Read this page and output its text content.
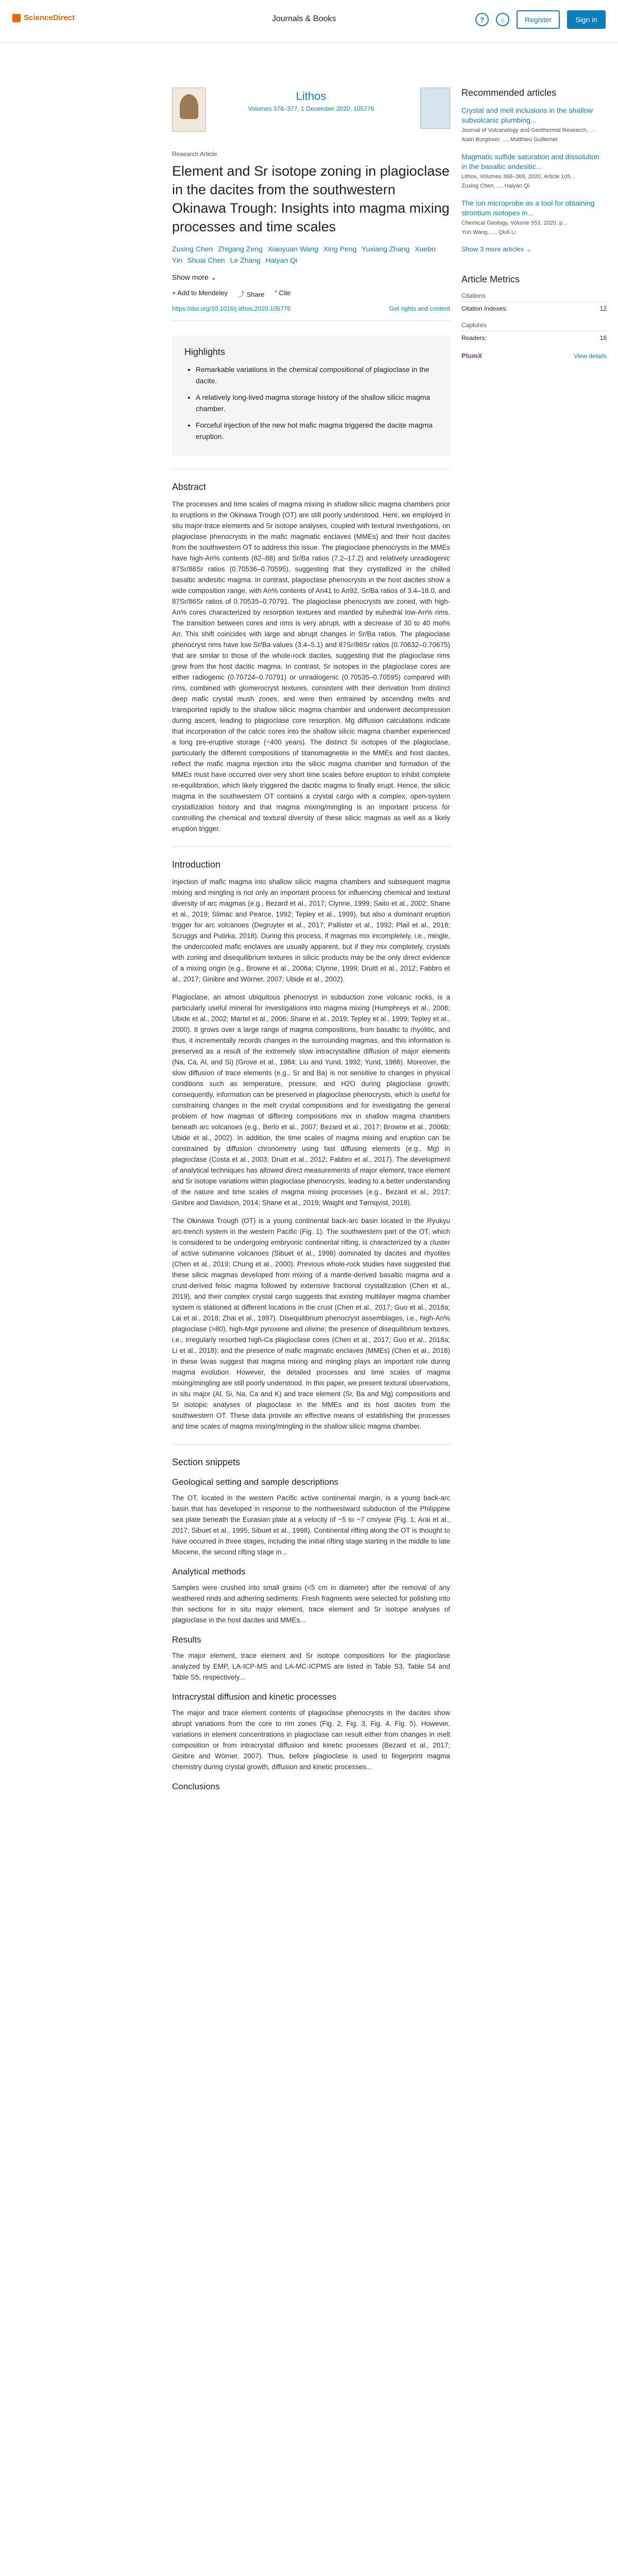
ScienceDirect	Journals & Books	?	⌂	Register	Sign in
Lithos
Volumes 376–377, 1 December 2020, 105776
Research Article
Element and Sr isotope zoning in plagioclase in the dacites from the southwestern Okinawa Trough: Insights into magma mixing processes and time scales
Zuxing Chen Zhigang Zeng Xiaoyuan Wang Xing Peng Yuxiang Zhang Xuebo Yin Shuai Chen Le Zhang Haiyan Qi
Show more ⌄
+ Add to Mendeley ⤴ Share “ Cite
https://doi.org/10.1016/j.lithos.2020.105776	Get rights and content
Highlights
• Remarkable variations in the chemical compositional of plagioclase in the dacite.
• A relatively long-lived magma storage history of the shallow silicic magma chamber.
• Forceful injection of the new hot mafic magma triggered the dacite magma eruption.
Abstract

The processes and time scales of magma mixing in shallow silicic magma chambers prior to eruptions in the Okinawa Trough (OT) are still poorly understood. Here, we employed in situ major-trace elements and Sr isotope analyses, coupled with textural investigations, on plagioclase phenocrysts in the mafic magmatic enclaves (MMEs) and their host dacites from the southwestern OT to address this issue. The plagioclase phenocrysts in the MMEs have high-An% contents (82–88) and Sr/Ba ratios (7.2–17.2) and relatively unradiogenic 87Sr/86Sr ratios (0.70536–0.70595), suggesting that they crystallized in the chilled basaltic andesitic magma. In contrast, plagioclase phenocrysts in the host dacites show a wide composition range, with An% contents of An41 to An92, Sr/Ba ratios of 3.4–18.0, and 87Sr/86Sr ratios of 0.70535–0.70791. The plagioclase phenocrysts are zoned, with high-An% cores characterized by resorption textures and mantled by euhedral low-An% rims. The transition between cores and rims is very abrupt, with a decrease of 30 to 40 mol% An. This shift coincides with large and abrupt changes in Sr/Ba ratios. The plagioclase phenocryst rims have low Sr/Ba values (3.4–5.1) and 87Sr/86Sr ratios (0.70632–0.70675) that are similar to those of the whole-rock dacites, suggesting that the plagioclase rims grew from the host dacitic magma. In contrast, Sr isotopes in the plagioclase cores are either radiogenic (0.70724–0.70791) or unradiogenic (0.70535–0.70595) compared with rims, combined with glomerocryst textures, consistent with their derivation from distinct deep mafic crystal mush zones, and were then entrained by ascending melts and transported rapidly to the shallow silicic magma chamber and underwent decompression during ascent, leading to plagioclase core resorption. Mg diffusion calculations indicate that incorporation of the calcic cores into the shallow silicic magma chamber experienced a long pre-eruptive storage (~400 years). The distinct Sr isotopes of the plagioclase, particularly the different compositions of titanomagnetite in the MMEs and host dacites, reflect the mafic magma injection into the silicic magma chamber and formation of the MMEs must have occurred over very short time scales before eruption to inhibit complete re-equilibration, which likely triggered the dacitic magma to finally erupt. Hence, the silicic magma in the southwestern OT contains a crystal cargo with a complex, open-system crystallization history and that magma mixing/mingling is an important process for controlling the chemical and textural diversity of these silicic magmas as well as a likely eruption trigger.

Introduction

Injection of mafic magma into shallow silicic magma chambers and subsequent magma mixing and mingling is not only an important process for influencing chemical and textural diversity of arc magmas (e.g., Bezard et al., 2017; Clynne, 1999; Saito et al., 2002; Shane et al., 2019; Slimac and Pearce, 1992; Tepley et al., 1999), but also a dominant eruption trigger for arc volcanoes (Degruyter et al., 2017; Pallister et al., 1992; Plail et al., 2018; Scruggs and Putirka, 2018). During this process, if magmas mix incompletely, i.e., mingle, the undercooled mafic enclaves are usually apparent, but if they mix completely, crystals with zoning and disequilibrium textures in silicic products may be the only direct evidence of a mixing origin (e.g., Browne et al., 2006a; Clynne, 1999; Druitt et al., 2012; Fabbro et al., 2017; Ginibre and Wörner, 2007; Ubide et al., 2002).

Plagioclase, an almost ubiquitous phenocryst in subduction zone volcanic rocks, is a particularly useful mineral for investigations into magma mixing (Humphreys et al., 2006; Ubide et al., 2002; Martel et al., 2006; Shane et al., 2019; Tepley et al., 1999; Tepley et al., 2000). It grows over a large range of magma compositions, from basaltic to rhyolitic, and thus, it incrementally records changes in the surrounding magmas, and this information is preserved as a result of the extremely slow intracrystalline diffusion of major elements (Na, Ca, Al, and Si) (Grove et al., 1984; Liu and Yund, 1992; Yund, 1986). Moreover, the slow diffusion of trace elements (e.g., Sr and Ba) is not sensitive to changes in physical conditions such as temperature, pressure, and H2O during plagioclase growth; consequently, information can be preserved in plagioclase phenocrysts, which is useful for constraining changes in the melt crystal compositions and for investigating the general problem of how magmas of differing compositions mix in shallow magma chambers beneath arc volcanoes (e.g., Berlo et al., 2007; Bezard et al., 2017; Browne et al., 2006b; Ubide et al., 2002). In addition, the time scales of magma mixing and eruption can be constrained by diffusion chronometry using fast diffusing elements (e.g., Mg) in plagioclase (Costa et al., 2003; Druitt et al., 2012; Fabbro et al., 2017). The development of analytical techniques has allowed direct measurements of major element, trace element and Sr isotope variations within plagioclase phenocrysts, leading to a better understanding of the nature and time scales of magma mixing processes (e.g., Bezard et al., 2017; Ginibre and Davidson, 2014; Shane et al., 2019; Waight and Tørnqvist, 2018).

The Okinawa Trough (OT) is a young continental back-arc basin located in the Ryukyu arc-trench system in the western Pacific (Fig. 1). The southwestern part of the OT, which is considered to be undergoing embryonic continental rifting, is characterized by a cluster of active submarine volcanoes (Sibuet et al., 1998) dominated by dacites and rhyolites (Chen et al., 2019; Chung et al., 2000). Previous whole-rock studies have suggested that these silicic magmas developed from mixing of a mantle-derived basaltic magma and a crust-derived felsic magma followed by extensive fractional crystallization (Chen et al., 2019), and their complex crystal cargo suggests that existing multilayer magma chamber system is stationed at different locations in the crust (Chen et al., 2017; Guo et al., 2018a; Lai et al., 2018; Zhai et al., 1997). Disequilibrium phenocryst assemblages, i.e., high-An% plagioclase (>80), high-Mg# pyroxene and olivine; the presence of disequilibrium textures, i.e., irregularly resorbed high-Ca plagioclase cores (Chen et al., 2017; Guo et al., 2018a; Li et al., 2018); and the presence of mafic magmatic enclaves (MMEs) (Chen et al., 2018) in these lavas suggest that magma mixing and mingling plays an important role during magma evolution. However, the detailed processes and time scales of magma mixing/mingling are still poorly understood. In this paper, we present textural observations, in situ major (Al, Si, Na, Ca and K) and trace element (Sr, Ba and Mg) compositions and Sr isotopic analyses of plagioclase in the MMEs and its host dacites from the southwestern OT. These data provide an effective means of establishing the processes and time scales of magma mixing/mingling in the shallow silicic magma chamber.

Section snippets
Geological setting and sample descriptions

The OT, located in the western Pacific active continental margin, is a young back-arc basin that has developed in response to the northwestward subduction of the Philippine sea plate beneath the Eurasian plate at a velocity of ~5 to ~7 cm/year (Fig. 1; Arai et al., 2017; Sibuet et al., 1995, Sibuet et al., 1998). Continental rifting along the OT is thought to have occurred in three stages, including the initial rifting stage starting in the middle to late Miocene, the second rifting stage in...

Analytical methods

Samples were crushed into small grains (<5 cm in diameter) after the removal of any weathered rinds and adhering sediments. Fresh fragments were selected for polishing into thin sections for in situ major element, trace element and Sr isotope analyses of plagioclase in the host dacites and MMEs...

Results

The major element, trace element and Sr isotope compositions for the plagioclase analyzed by EMP, LA-ICP-MS and LA-MC-ICPMS are listed in Table S3, Table S4 and Table S5, respectively...

Intracrystal diffusion and kinetic processes

The major and trace element contents of plagioclase phenocrysts in the dacites show abrupt variations from the core to rim zones (Fig. 2, Fig. 3, Fig. 4, Fig. 5). However, variations in element concentrations in plagioclase can result either from changes in melt composition or from intracrystal diffusion and kinetic processes (Bezard et al., 2017; Ginibre and Wörner, 2007). Thus, before plagioclase is used to fingerprint magma chemistry during crystal growth, diffusion and kinetic processes...

Conclusions
Recommended articles
Crystal and melt inclusions in the shallow subvolcanic plumbing...
Journal of Volcanology and Geothermal Research, ...
Alain Burgisser, ..., Matthieu Guillemet
Magmatic sulfide saturation and dissolution in the basaltic andesitic...
Lithos, Volumes 368–369, 2020, Article 105...
Zuxing Chen, ..., Haiyan Qi
The ion microprobe as a tool for obtaining strontium isotopes in...
Chemical Geology, Volume 553, 2020, p...
Yun Wang, ..., Qiuli Li
Show 3 more articles ⌄
Article Metrics
Citations
Citation Indexes:	12
Captures
Readers:	16
PlumX	View details
